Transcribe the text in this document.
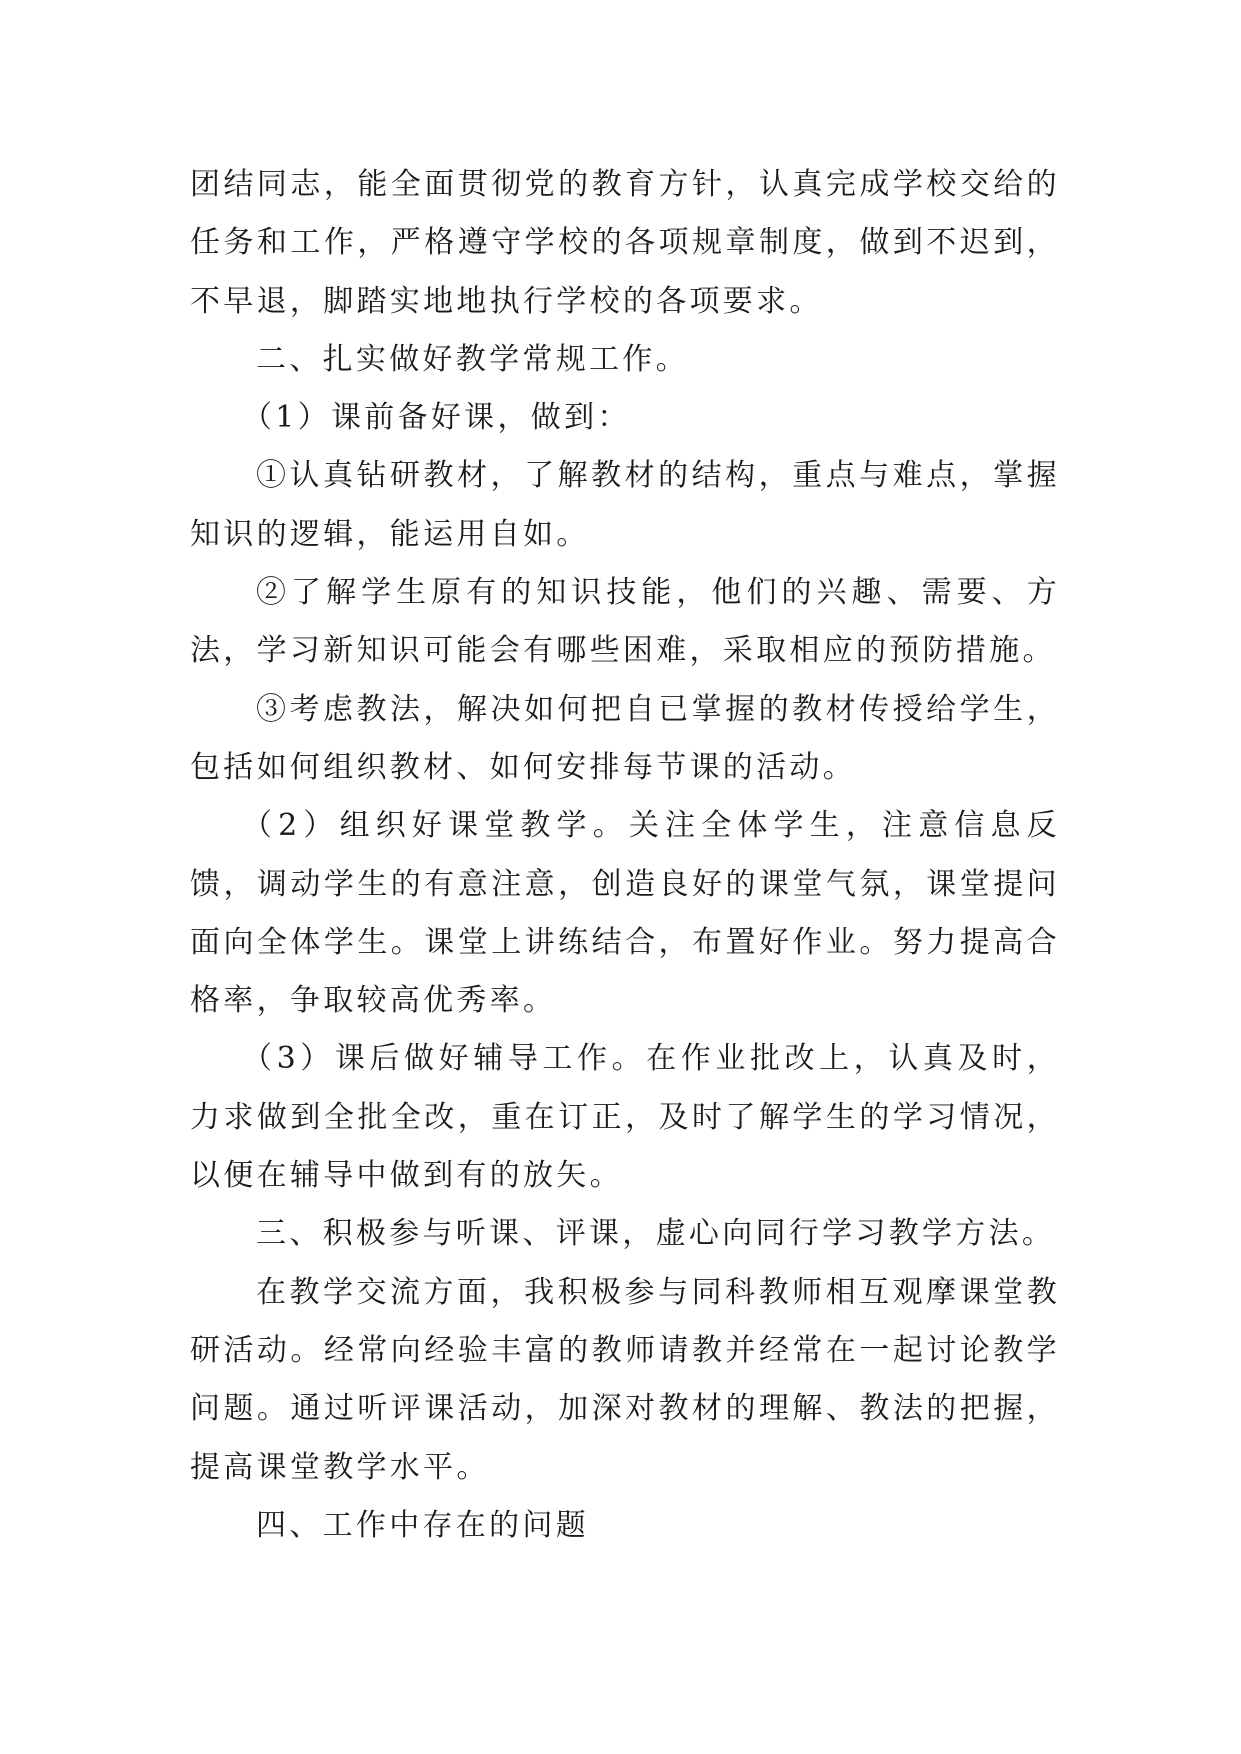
团结同志，能全面贯彻党的教育方针，认真完成学校交给的任务和工作，严格遵守学校的各项规章制度，做到不迟到，不早退，脚踏实地地执行学校的各项要求。

二、扎实做好教学常规工作。

（1）课前备好课，做到：

①认真钻研教材，了解教材的结构，重点与难点，掌握知识的逻辑，能运用自如。

②了解学生原有的知识技能，他们的兴趣、需要、方法，学习新知识可能会有哪些困难，采取相应的预防措施。

③考虑教法，解决如何把自已掌握的教材传授给学生，包括如何组织教材、如何安排每节课的活动。

（2）组织好课堂教学。关注全体学生，注意信息反馈，调动学生的有意注意，创造良好的课堂气氛，课堂提问面向全体学生。课堂上讲练结合，布置好作业。努力提高合格率，争取较高优秀率。

（3）课后做好辅导工作。在作业批改上，认真及时，力求做到全批全改，重在订正，及时了解学生的学习情况，以便在辅导中做到有的放矢。

三、积极参与听课、评课，虚心向同行学习教学方法。

在教学交流方面，我积极参与同科教师相互观摩课堂教研活动。经常向经验丰富的教师请教并经常在一起讨论教学问题。通过听评课活动，加深对教材的理解、教法的把握，提高课堂教学水平。

四、工作中存在的问题
